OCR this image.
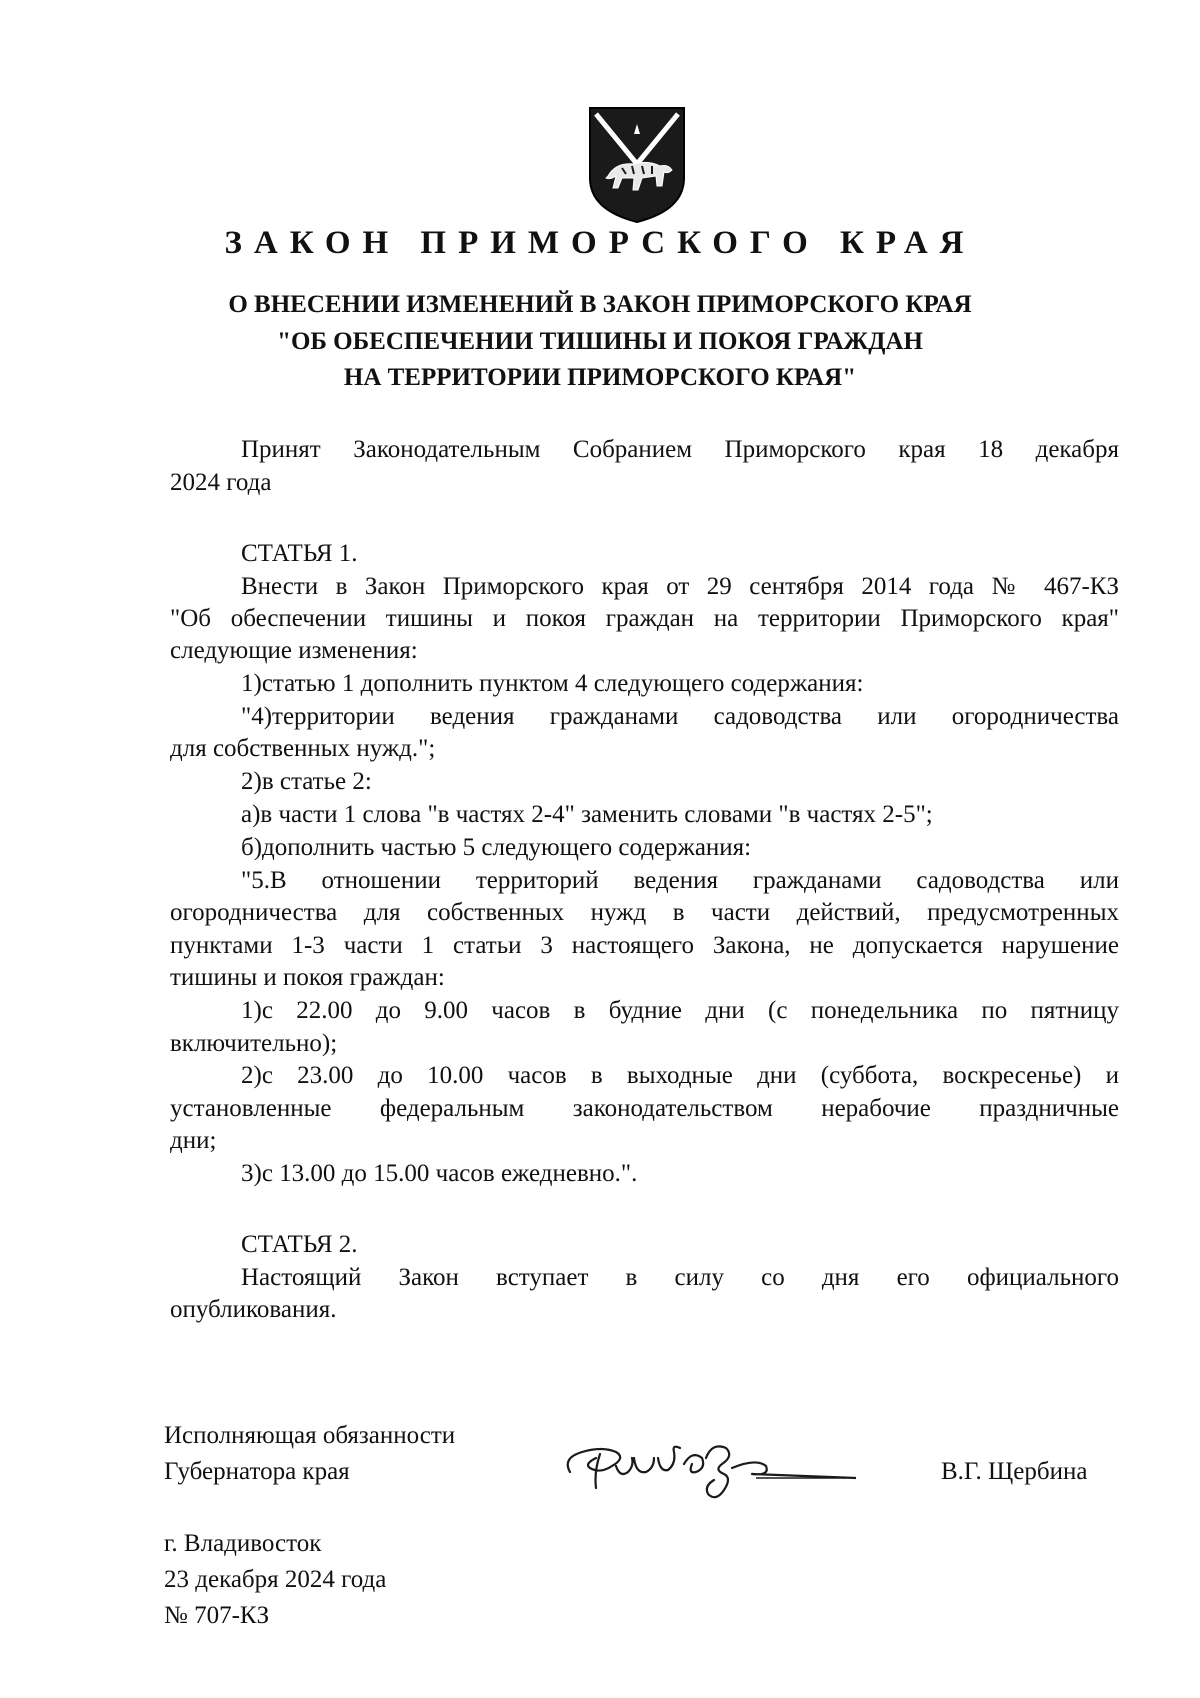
ЗАКОН ПРИМОРСКОГО КРАЯ
О ВНЕСЕНИИ ИЗМЕНЕНИЙ В ЗАКОН ПРИМОРСКОГО КРАЯ
"ОБ ОБЕСПЕЧЕНИИ ТИШИНЫ И ПОКОЯ ГРАЖДАН
НА ТЕРРИТОРИИ ПРИМОРСКОГО КРАЯ"
Принят Законодательным Собранием Приморского края 18 декабря
2024 года
СТАТЬЯ 1.
Внести в Закон Приморского края от 29 сентября 2014 года № 467-КЗ
"Об обеспечении тишины и покоя граждан на территории Приморского края"
следующие изменения:
1)статью 1 дополнить пунктом 4 следующего содержания:
"4)территории ведения гражданами садоводства или огородничества
для собственных нужд.";
2)в статье 2:
а)в части 1 слова "в частях 2-4" заменить словами "в частях 2-5";
б)дополнить частью 5 следующего содержания:
"5.В отношении территорий ведения гражданами садоводства или
огородничества для собственных нужд в части действий, предусмотренных
пунктами 1-3 части 1 статьи 3 настоящего Закона, не допускается нарушение
тишины и покоя граждан:
1)с 22.00 до 9.00 часов в будние дни (с понедельника по пятницу
включительно);
2)с 23.00 до 10.00 часов в выходные дни (суббота, воскресенье) и
установленные федеральным законодательством нерабочие праздничные
дни;
3)с 13.00 до 15.00 часов ежедневно.".
СТАТЬЯ 2.
Настоящий Закон вступает в силу со дня его официального
опубликования.
Исполняющая обязанности
Губернатора края	В.Г. Щербина
г. Владивосток
23 декабря 2024 года
№ 707-КЗ
